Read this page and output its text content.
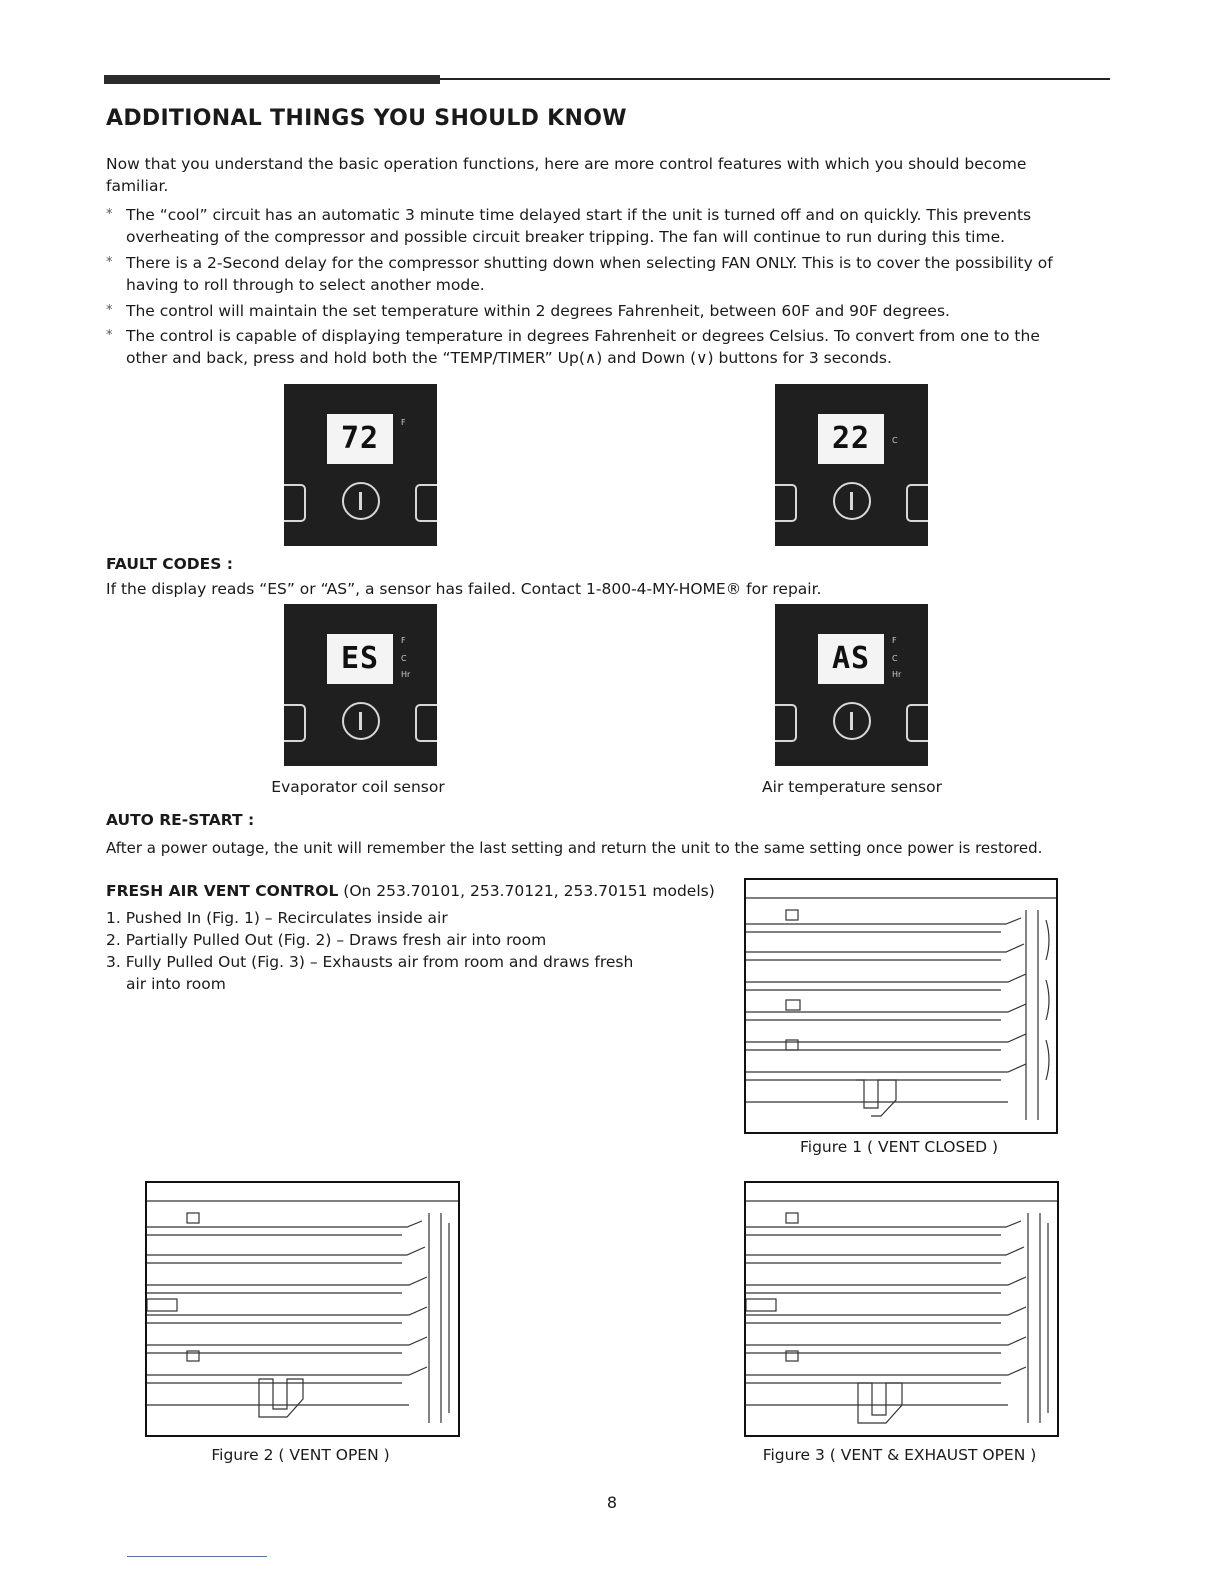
ADDITIONAL THINGS YOU SHOULD KNOW
Now that you understand the basic operation functions, here are more control features with which you should become familiar.
* The “cool” circuit has an automatic 3 minute time delayed start if the unit is turned off and on quickly. This prevents overheating of the compressor and possible circuit breaker tripping. The fan will continue to run during this time.
* There is a 2-Second delay for the compressor shutting down when selecting FAN ONLY. This is to cover the possibility of having to roll through to select another mode.
* The control will maintain the set temperature within 2 degrees Fahrenheit, between 60F and 90F degrees.
* The control is capable of displaying temperature in degrees Fahrenheit or degrees Celsius. To convert from one to the other and back, press and hold both the “TEMP/TIMER” Up(∧) and Down (∨) buttons for 3 seconds.
72	F	22	C
FAULT CODES :
If the display reads “ES” or “AS”, a sensor has failed. Contact 1-800-4-MY-HOME® for repair.
ES
F
C
Hr	AS
F
C
Hr
Evaporator coil sensor	Air temperature sensor
AUTO RE-START :
After a power outage, the unit will remember the last setting and return the unit to the same setting once power is restored.
FRESH AIR VENT CONTROL (On 253.70101, 253.70121, 253.70151 models)
1. Pushed In (Fig. 1) – Recirculates inside air
2. Partially Pulled Out (Fig. 2) – Draws fresh air into room
3. Fully Pulled Out (Fig. 3) – Exhausts air from room and draws fresh
air into room
Figure 1 ( VENT CLOSED )
Figure 2 ( VENT OPEN )	Figure 3 ( VENT & EXHAUST OPEN )
8
